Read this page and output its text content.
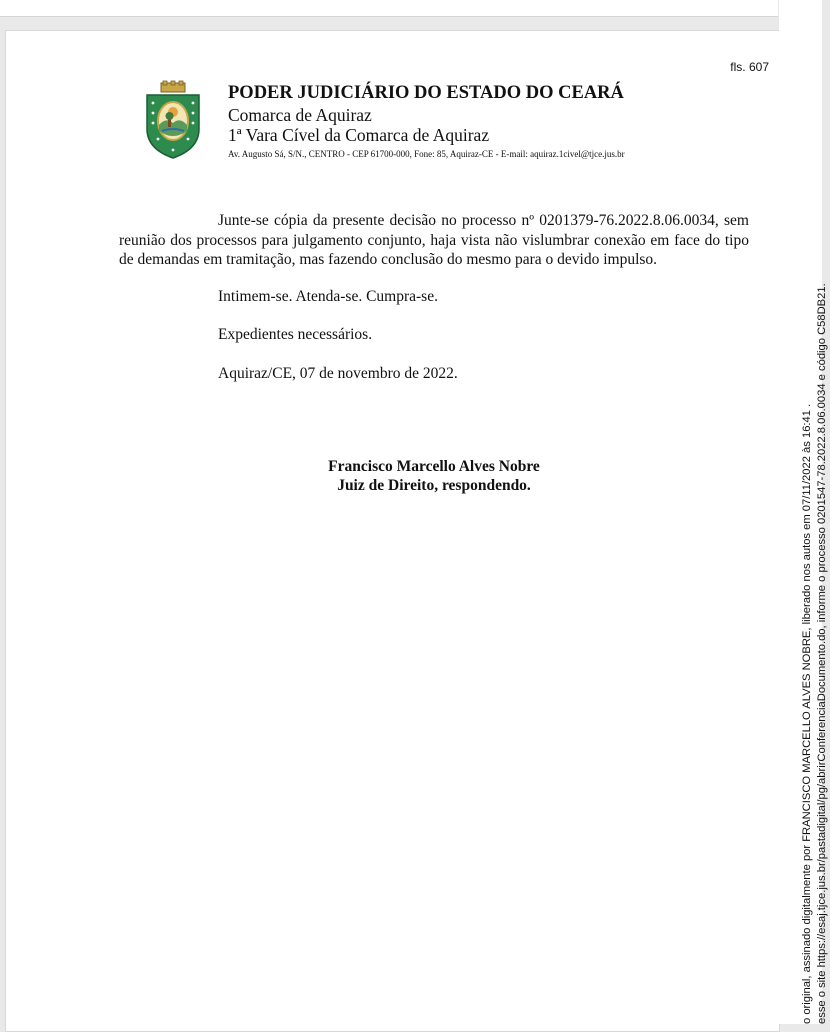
fls. 607
PODER JUDICIÁRIO DO ESTADO DO CEARÁ
Comarca de Aquiraz
1ª Vara Cível da Comarca de Aquiraz
Av. Augusto Sá, S/N., CENTRO - CEP 61700-000, Fone: 85, Aquiraz-CE - E-mail: aquiraz.1civel@tjce.jus.br

Junte-se cópia da presente decisão no processo nº 0201379-76.2022.8.06.0034, sem reunião dos processos para julgamento conjunto, haja vista não vislumbrar conexão em face do tipo de demandas em tramitação, mas fazendo conclusão do mesmo para o devido impulso.

Intimem-se. Atenda-se. Cumpra-se.

Expedientes necessários.

Aquiraz/CE, 07 de novembro de 2022.

Francisco Marcello Alves Nobre
Juiz de Direito, respondendo.	o original, assinado digitalmente por FRANCISCO MARCELLO ALVES NOBRE, liberado nos autos em 07/11/2022 às 16:41 . esse o site https://esaj.tjce.jus.br/pastadigital/pg/abrirConferenciaDocumento.do, informe o processo 0201547-78.2022.8.06.0034 e código C58DB21.
